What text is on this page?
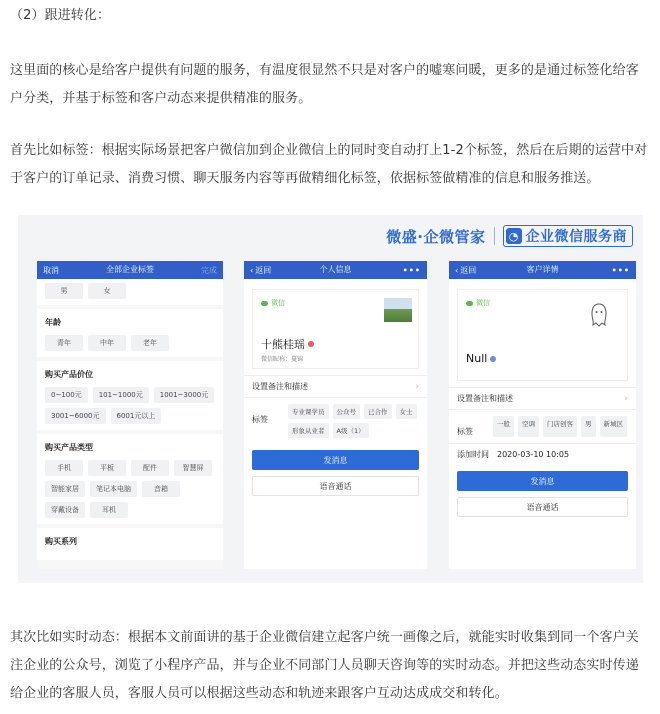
（2）跟进转化：
这里面的核心是给客户提供有问题的服务，有温度很显然不只是对客户的嘘寒问暖，更多的是通过标签化给客户分类，并基于标签和客户动态来提供精准的服务。
首先比如标签：根据实际场景把客户微信加到企业微信上的同时变自动打上1-2个标签，然后在后期的运营中对于客户的订单记录、消费习惯、聊天服务内容等再做精细化标签，依据标签做精准的信息和服务推送。
微盛·企微管家 ◔ 企业微信服务商
取消	全部企业标签	完成
男	女
年龄
青年	中年	老年
购买产品价位
0~100元	101~1000元	1001~3000元
3001~6000元	6001元以上
购买产品类型
手机	平板	配件	智慧屏
智能家居	笔记本电脑	音箱
穿戴设备	耳机
购买系列
‹ 返回	个人信息	•••
微信
十熊桂瑶
微信昵称：蔓锦
设置备注和描述	›
标签
专业课学员	公众号	已合作	女士
形象从业者	A级（1）
发消息
语音通话
‹ 返回	客户详情	•••
微信
Null
设置备注和描述	›
标签
一般	空调	门店创客	男	新城区
添加时间 2020-03-10 10:05
发消息
语音通话
其次比如实时动态：根据本文前面讲的基于企业微信建立起客户统一画像之后，就能实时收集到同一个客户关注企业的公众号，浏览了小程序产品，并与企业不同部门人员聊天咨询等的实时动态。并把这些动态实时传递给企业的客服人员，客服人员可以根据这些动态和轨迹来跟客户互动达成成交和转化。
